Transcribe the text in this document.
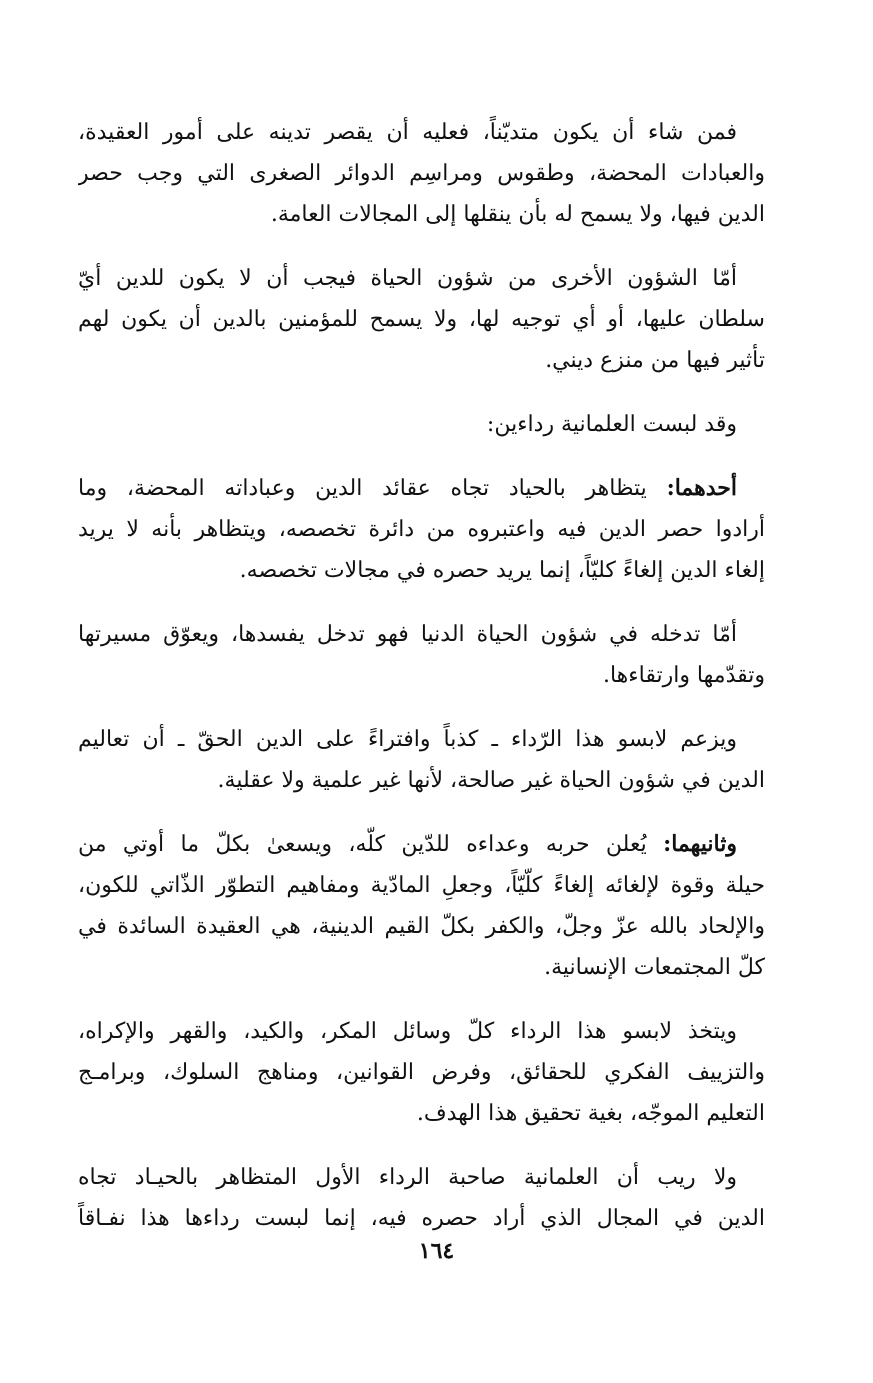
فمن شاء أن يكون متديّناً، فعليه أن يقصر تدينه على أمور العقيدة،
والعبادات المحضة، وطقوس ومراسِم الدوائر الصغرى التي وجب حصر
الدين فيها، ولا يسمح له بأن ينقلها إلى المجالات العامة.
أمّا الشؤون الأخرى من شؤون الحياة فيجب أن لا يكون للدين أيّ
سلطان عليها، أو أي توجيه لها، ولا يسمح للمؤمنين بالدين أن يكون لهم
تأثير فيها من منزع ديني.
وقد لبست العلمانية رداءين:
أحدهما: يتظاهر بالحياد تجاه عقائد الدين وعباداته المحضة، وما
أرادوا حصر الدين فيه واعتبروه من دائرة تخصصه، ويتظاهر بأنه لا يريد
إلغاء الدين إلغاءً كليّاً، إنما يريد حصره في مجالات تخصصه.
أمّا تدخله في شؤون الحياة الدنيا فهو تدخل يفسدها، ويعوّق مسيرتها
وتقدّمها وارتقاءها.
ويزعم لابسو هذا الرّداء ـ كذباً وافتراءً على الدين الحقّ ـ أن تعاليم
الدين في شؤون الحياة غير صالحة، لأنها غير علمية ولا عقلية.
وثانيهما: يُعلن حربه وعداءه للدّين كلّه، ويسعىٰ بكلّ ما أوتي من
حيلة وقوة لإلغائه إلغاءً كلّيّاً، وجعلِ المادّية ومفاهيم التطوّر الذّاتي للكون،
والإلحاد بالله عزّ وجلّ، والكفر بكلّ القيم الدينية، هي العقيدة السائدة في
كلّ المجتمعات الإنسانية.
ويتخذ لابسو هذا الرداء كلّ وسائل المكر، والكيد، والقهر والإكراه،
والتزييف الفكري للحقائق، وفرض القوانين، ومناهج السلوك، وبرامـج
التعليم الموجّه، بغية تحقيق هذا الهدف.
ولا ريب أن العلمانية صاحبة الرداء الأول المتظاهر بالحيـاد تجاه
الدين في المجال الذي أراد حصره فيه، إنما لبست رداءها هذا نفـاقاً
١٦٤
